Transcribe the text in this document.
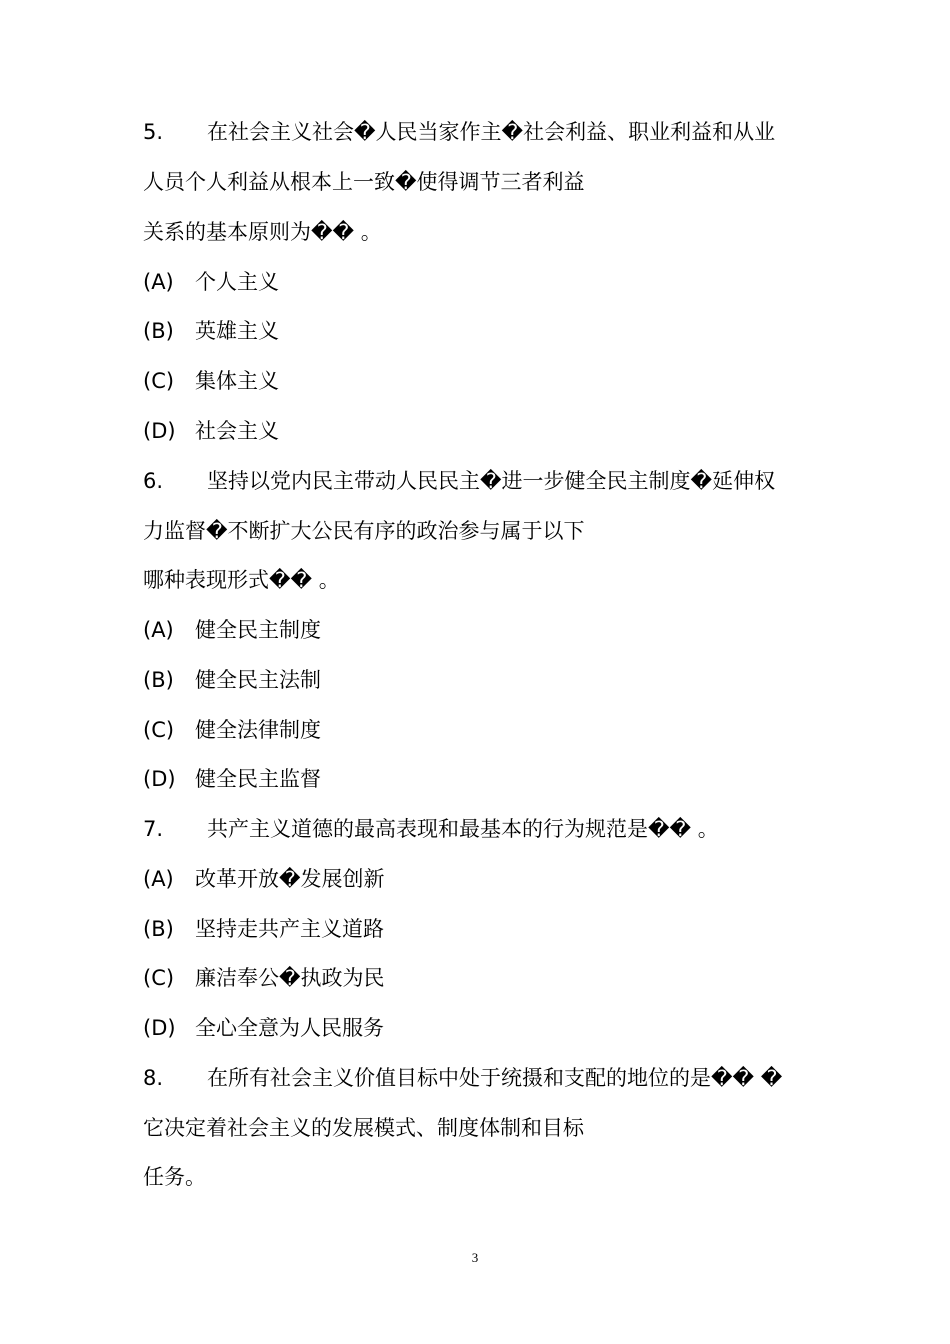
5. 在社会主义社会�人民当家作主�社会利益、职业利益和从业
人员个人利益从根本上一致�使得调节三者利益
关系的基本原则为�� 。
(A) 个人主义
(B) 英雄主义
(C) 集体主义
(D) 社会主义
6. 坚持以党内民主带动人民民主�进一步健全民主制度�延伸权
力监督�不断扩大公民有序的政治参与属于以下
哪种表现形式�� 。
(A) 健全民主制度
(B) 健全民主法制
(C) 健全法律制度
(D) 健全民主监督
7. 共产主义道德的最高表现和最基本的行为规范是�� 。
(A) 改革开放�发展创新
(B) 坚持走共产主义道路
(C) 廉洁奉公�执政为民
(D) 全心全意为人民服务
8. 在所有社会主义价值目标中处于统摄和支配的地位的是�� �
它决定着社会主义的发展模式、制度体制和目标
任务。
3
